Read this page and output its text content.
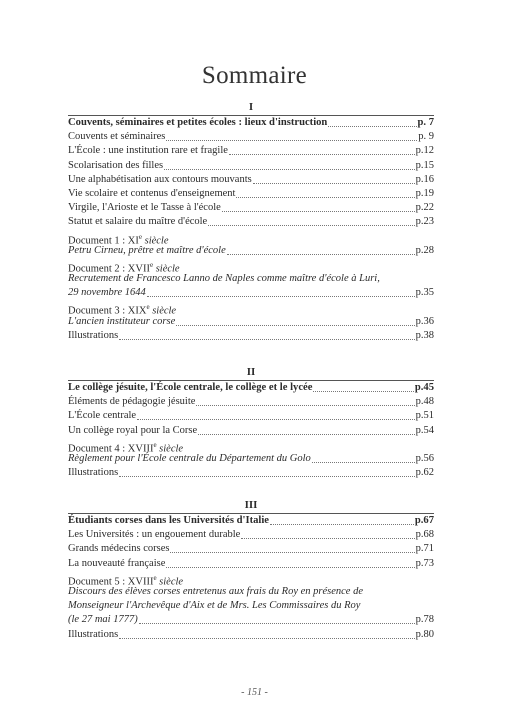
Sommaire
I
Couvents, séminaires et petites écoles : lieux d'instruction	p. 7
Couvents et séminaires	p. 9
L'École : une institution rare et fragile	p.12
Scolarisation des filles	p.15
Une alphabétisation aux contours mouvants	p.16
Vie scolaire et contenus d'enseignement	p.19
Virgile, l'Arioste et le Tasse à l'école	p.22
Statut et salaire du maître d'école	p.23
Document 1 : XIe siècle
Petru Cirneu, prêtre et maître d'école	p.28
Document 2 : XVIIe siècle
Recrutement de Francesco Lanno de Naples comme maître d'école à Luri,
29 novembre 1644	p.35
Document 3 : XIXe siècle
L'ancien instituteur corse	p.36
Illustrations	p.38
II
Le collège jésuite, l'École centrale, le collège et le lycée	p.45
Éléments de pédagogie jésuite	p.48
L'École centrale	p.51
Un collège royal pour la Corse	p.54
Document 4 : XVIIIe siècle
Règlement pour l'École centrale du Département du Golo	p.56
Illustrations	p.62
III
Étudiants corses dans les Universités d'Italie	p.67
Les Universités : un engouement durable	p.68
Grands médecins corses	p.71
La nouveauté française	p.73
Document 5 : XVIIIe siècle
Discours des élèves corses entretenus aux frais du Roy en présence de
Monseigneur l'Archevêque d'Aix et de Mrs. Les Commissaires du Roy
(le 27 mai 1777)	p.78
Illustrations	p.80
- 151 -
